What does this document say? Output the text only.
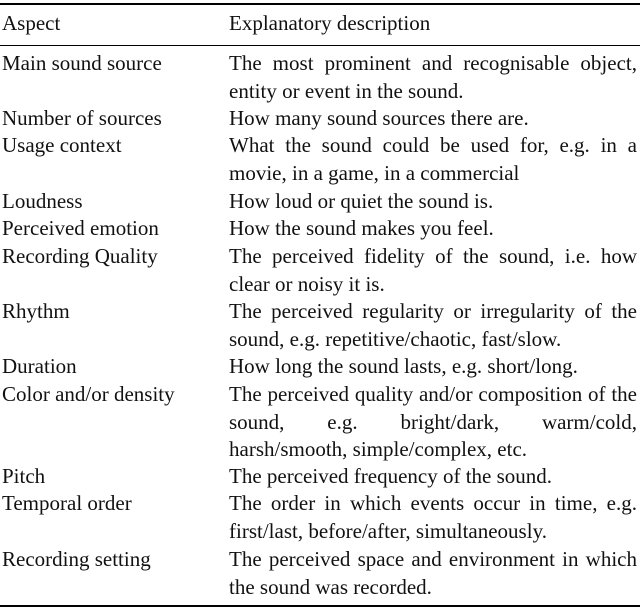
Aspect	Explanatory description
Main sound source	The most prominent and recognisable object, entity or event in the sound.
Number of sources	How many sound sources there are.
Usage context	What the sound could be used for, e.g. in a movie, in a game, in a commercial
Loudness	How loud or quiet the sound is.
Perceived emotion	How the sound makes you feel.
Recording Quality	The perceived fidelity of the sound, i.e. how clear or noisy it is.
Rhythm	The perceived regularity or irregularity of the sound, e.g. repetitive/chaotic, fast/slow.
Duration	How long the sound lasts, e.g. short/long.
Color and/or density	The perceived quality and/or composition of the sound, e.g. bright/dark, warm/cold, harsh/smooth, simple/complex, etc.
Pitch	The perceived frequency of the sound.
Temporal order	The order in which events occur in time, e.g. first/last, before/after, simultaneously.
Recording setting	The perceived space and environment in which the sound was recorded.
